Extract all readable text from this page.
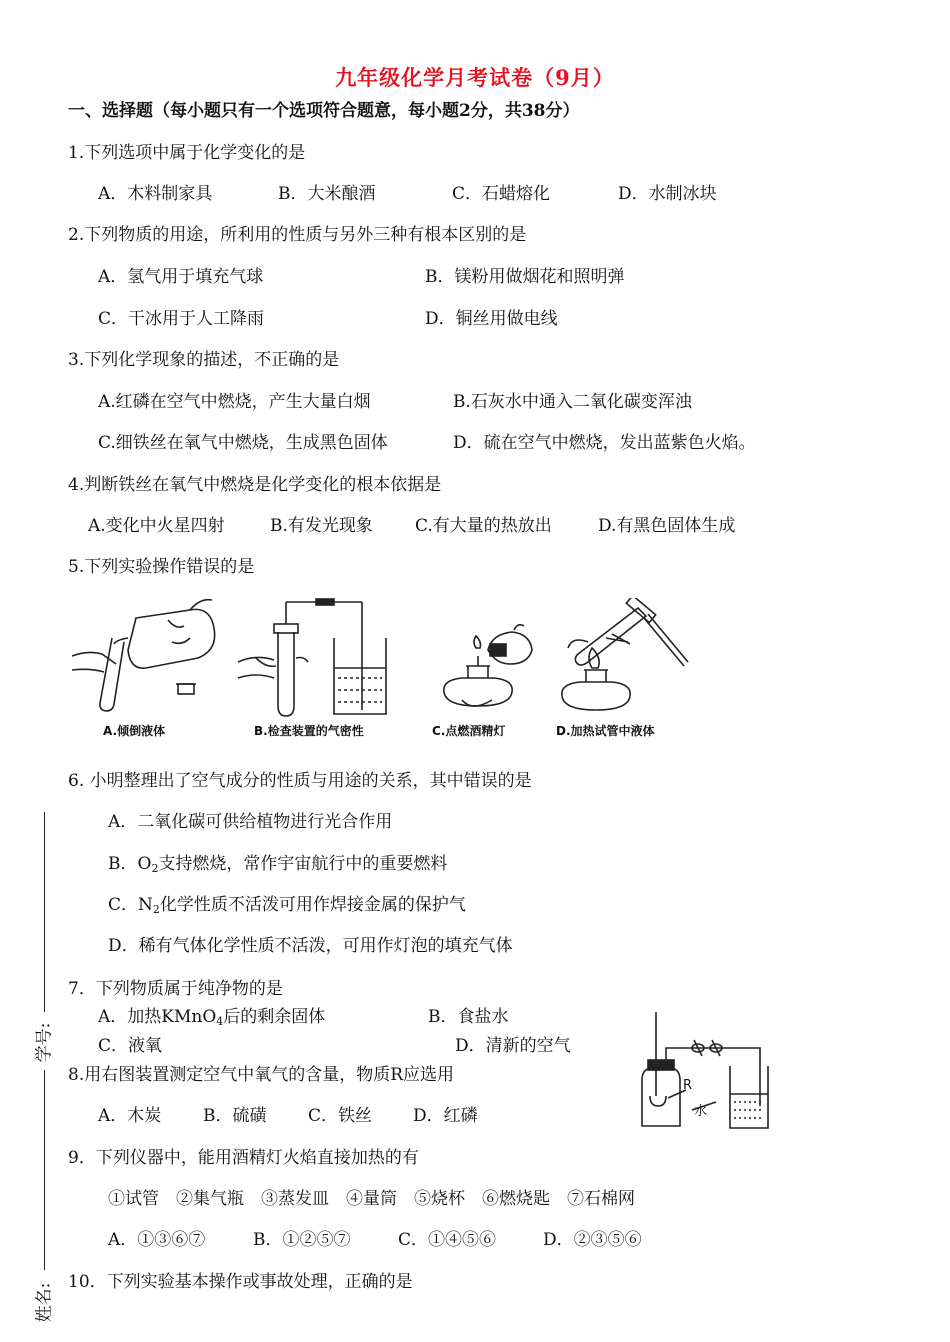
九年级化学月考试卷（9月）
一、选择题（每小题只有一个选项符合题意，每小题2分，共38分）
1.下列选项中属于化学变化的是
A．木料制家具	B．大米酿酒	C．石蜡熔化	D．水制冰块
2.下列物质的用途，所利用的性质与另外三种有根本区别的是
A．氢气用于填充气球	B．镁粉用做烟花和照明弹
C．干冰用于人工降雨	D．铜丝用做电线
3.下列化学现象的描述，不正确的是
A.红磷在空气中燃烧，产生大量白烟	B.石灰水中通入二氧化碳变浑浊
C.细铁丝在氧气中燃烧，生成黑色固体	D．硫在空气中燃烧，发出蓝紫色火焰。
4.判断铁丝在氧气中燃烧是化学变化的根本依据是
A.变化中火星四射	B.有发光现象 C.有大量的热放出	D.有黑色固体生成
5.下列实验操作错误的是
A.倾倒液体	B.检查装置的气密性	C.点燃酒精灯	D.加热试管中液体
6. 小明整理出了空气成分的性质与用途的关系，其中错误的是
A．二氧化碳可供给植物进行光合作用
B．$O_2$支持燃烧，常作宇宙航行中的重要燃料
C．$N_2$化学性质不活泼可用作焊接金属的保护气
D．稀有气体化学性质不活泼，可用作灯泡的填充气体
7．下列物质属于纯净物的是
A．加热KMnO$_4$后的剩余固体	B．食盐水
C．液氧	D．清新的空气
8.用右图装置测定空气中氧气的含量，物质R应选用
A．木炭 B．硫磺 C．铁丝 D．红磷
R
水
9．下列仪器中，能用酒精灯火焰直接加热的有
①试管　②集气瓶　③蒸发皿　④量筒　⑤烧杯　⑥燃烧匙　⑦石棉网
A．①③⑥⑦	B．①②⑤⑦	C．①④⑤⑥	D．②③⑤⑥
10．下列实验基本操作或事故处理，正确的是
学号:
姓名:
